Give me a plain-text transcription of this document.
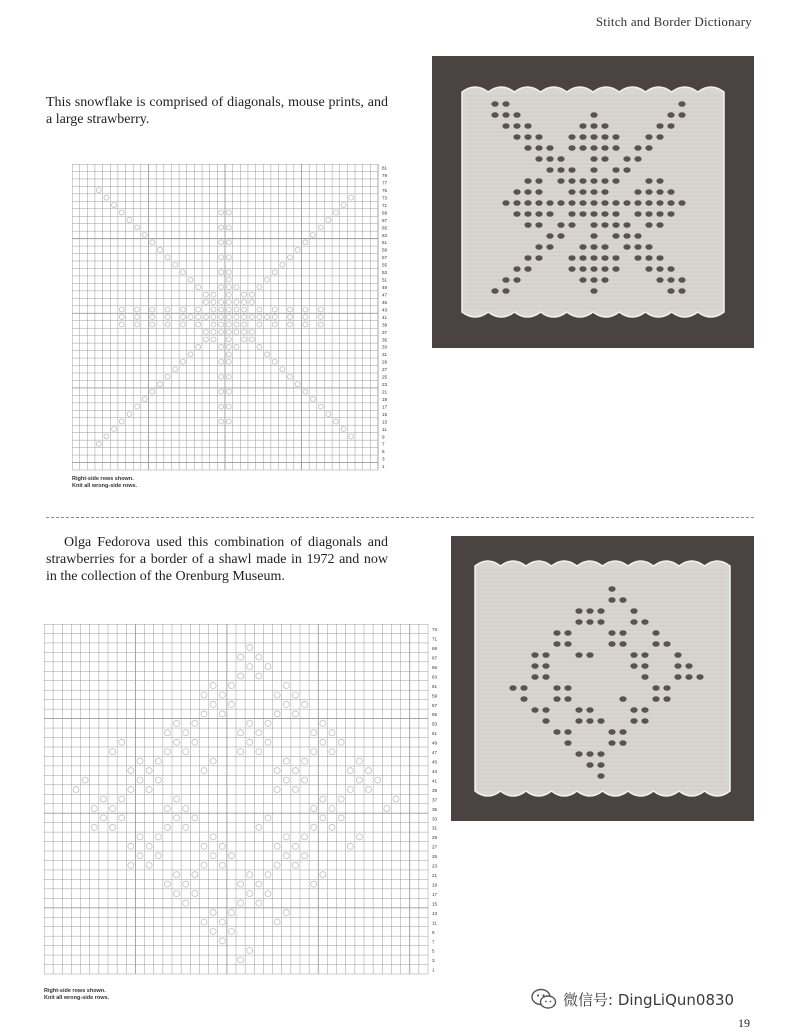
Stitch and Border Dictionary
This snowflake is comprised of diagonals, mouse prints, and a large strawberry.
81
79
77
75
73
71
69
67
65
63
61
59
57
55
53
51
49
47
45
43
41
39
37
35
33
31
29
27
25
23
21
19
17
15
13
11
9
7
5
3
1
Right-side rows shown.
Knit all wrong-side rows.
Olga Fedorova used this combination of diagonals and strawberries for a border of a shawl made in 1972 and now in the collection of the Orenburg Museum.
73
71
69
67
65
63
61
59
57
55
53
51
49
47
45
43
41
39
37
35
33
31
29
27
25
23
21
19
17
15
13
11
9
7
5
3
1
Right-side rows shown.
Knit all wrong-side rows.	微信号: DingLiQun0830
19
